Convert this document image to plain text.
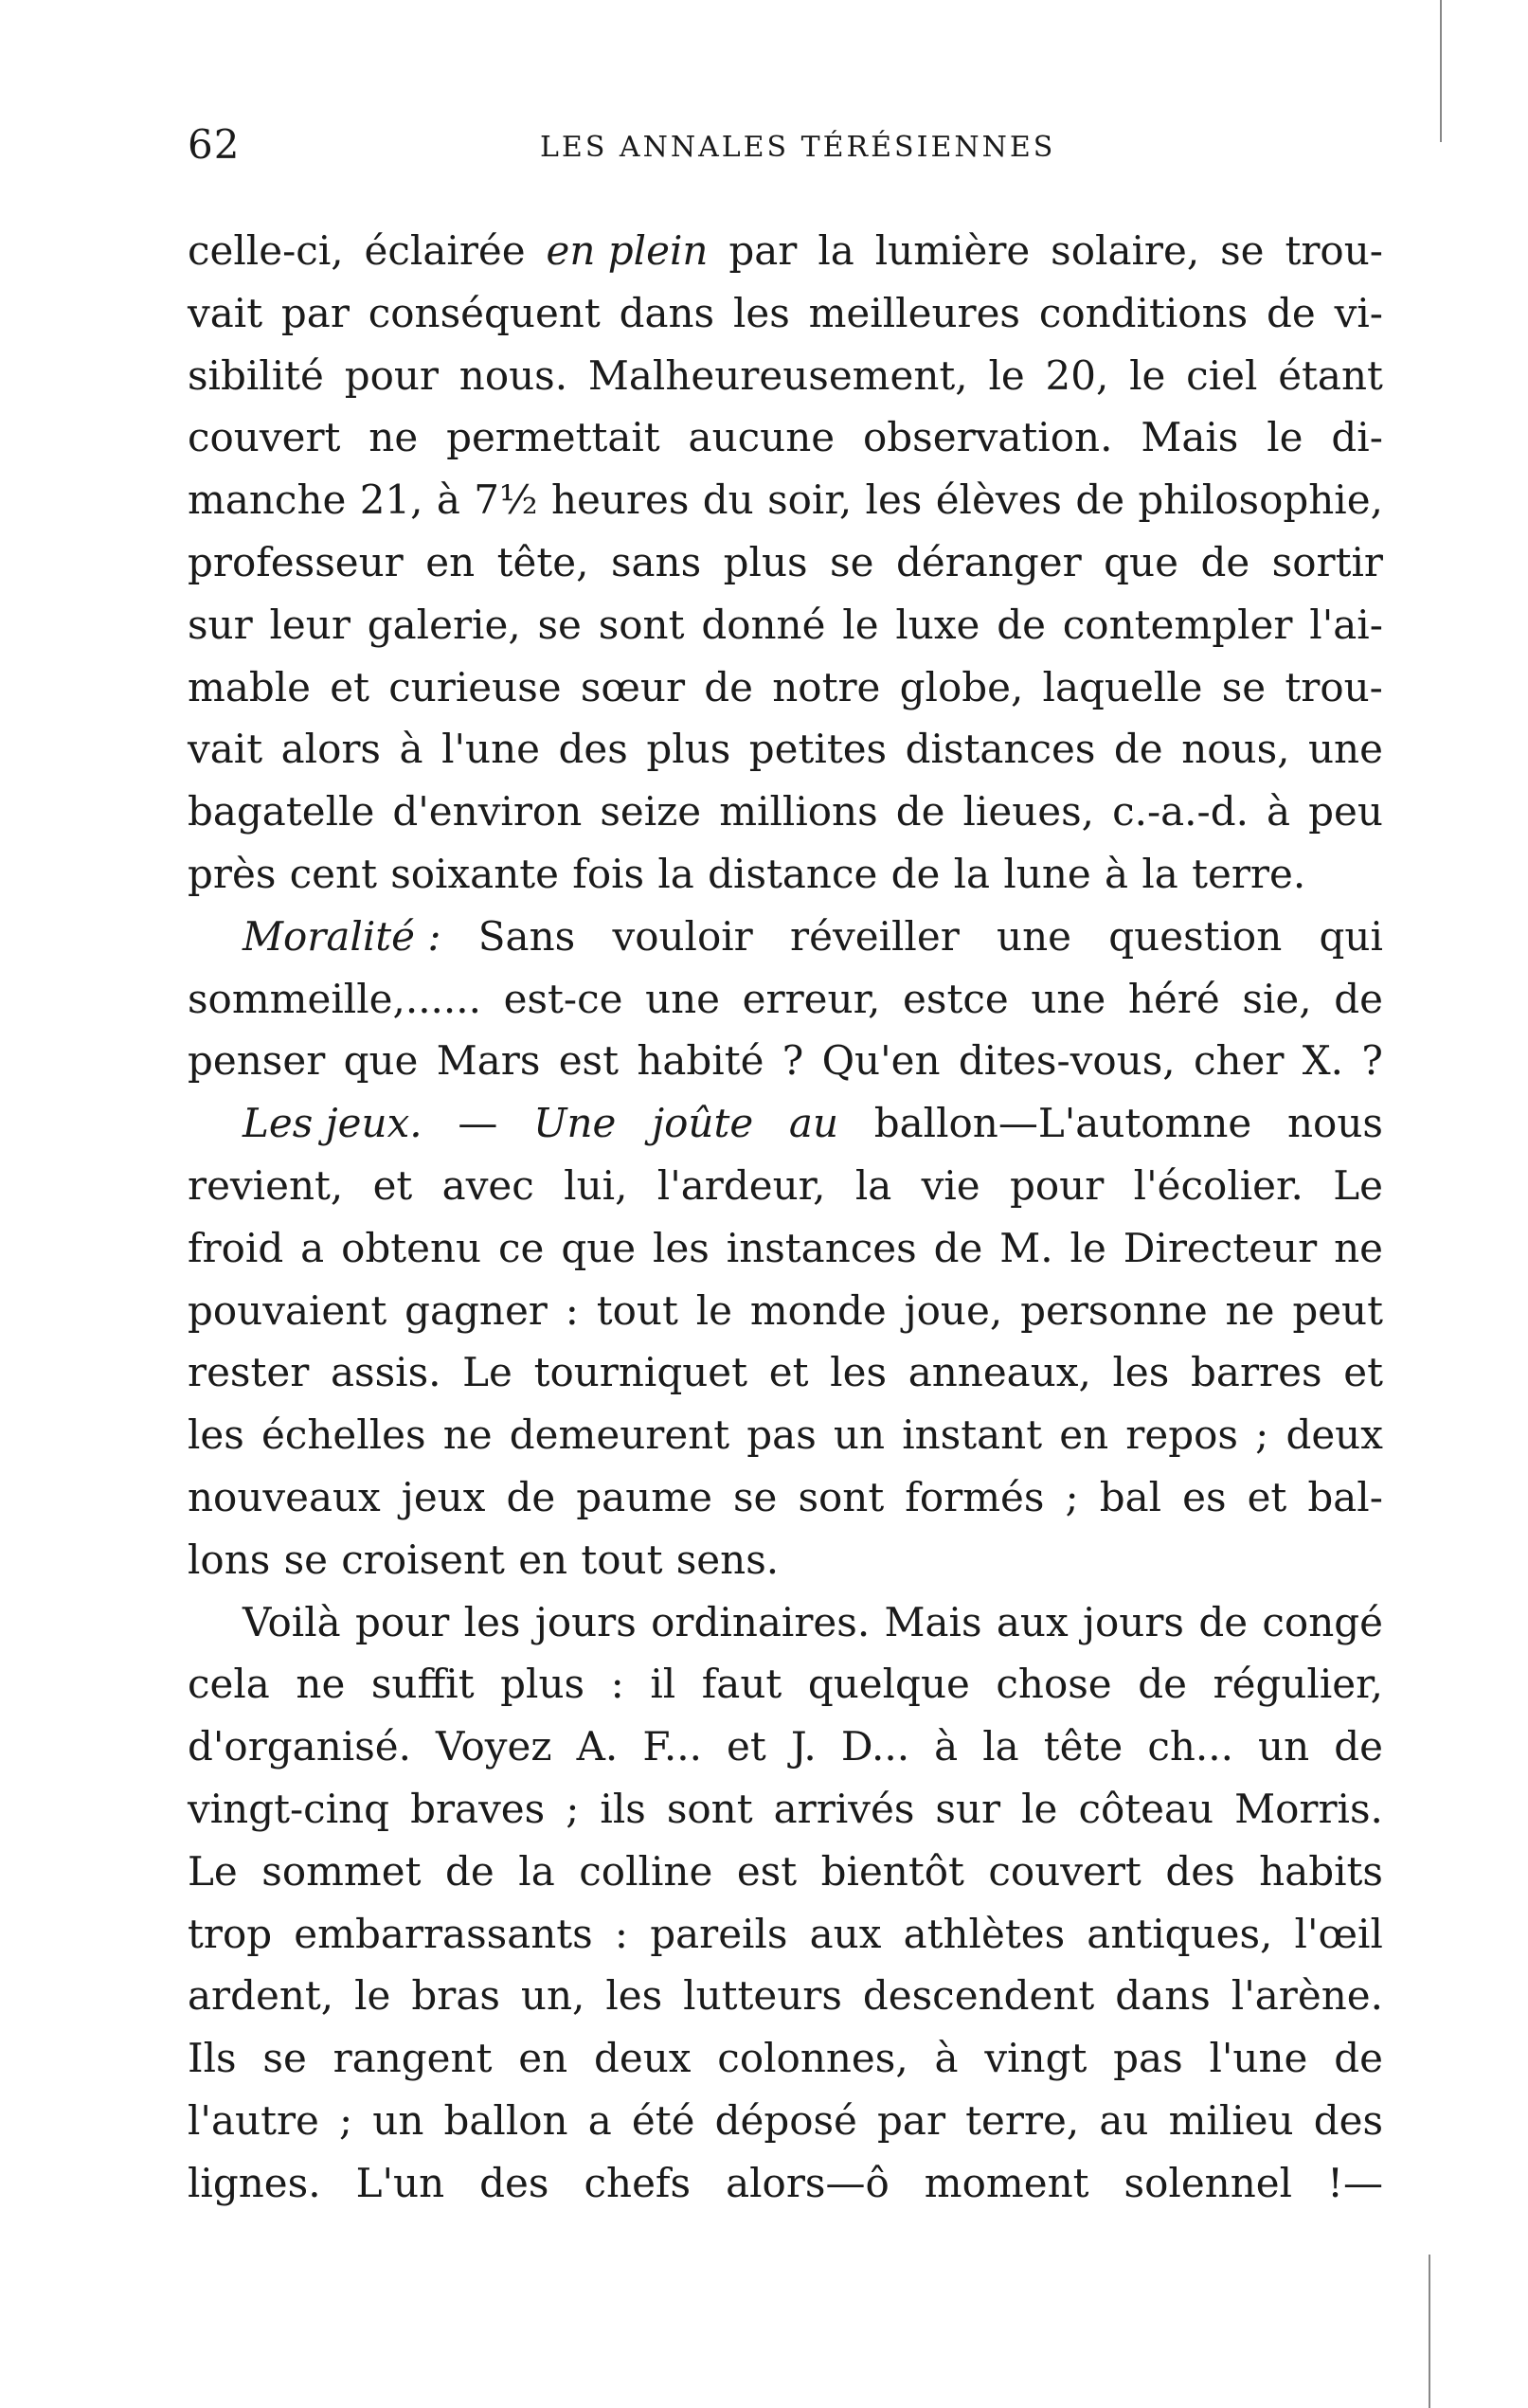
62	LES ANNALES TÉRÉSIENNES
celle-ci, éclairée en plein par la lumière solaire, se trou-
vait par conséquent dans les meilleures conditions de vi-
sibilité pour nous. Malheureusement, le 20, le ciel étant
couvert ne permettait aucune observation. Mais le di-
manche 21, à 7½ heures du soir, les élèves de philosophie,
professeur en tête, sans plus se déranger que de sortir
sur leur galerie, se sont donné le luxe de contempler l'ai-
mable et curieuse sœur de notre globe, laquelle se trou-
vait alors à l'une des plus petites distances de nous, une
bagatelle d'environ seize millions de lieues, c.-a.-d. à peu
près cent soixante fois la distance de la lune à la terre.
Moralité : Sans vouloir réveiller une question qui
sommeille,...... est-ce une erreur, estce une héré sie, de
penser que Mars est habité ? Qu'en dites-vous, cher X. ?
Les jeux. — Une joûte au ballon—L'automne nous
revient, et avec lui, l'ardeur, la vie pour l'écolier. Le
froid a obtenu ce que les instances de M. le Directeur ne
pouvaient gagner : tout le monde joue, personne ne peut
rester assis. Le tourniquet et les anneaux, les barres et
les échelles ne demeurent pas un instant en repos ; deux
nouveaux jeux de paume se sont formés ; bal es et bal-
lons se croisent en tout sens.
Voilà pour les jours ordinaires. Mais aux jours de congé
cela ne suffit plus : il faut quelque chose de régulier,
d'organisé. Voyez A. F... et J. D... à la tête ch... un de
vingt-cinq braves ; ils sont arrivés sur le côteau Morris.
Le sommet de la colline est bientôt couvert des habits
trop embarrassants : pareils aux athlètes antiques, l'œil
ardent, le bras un, les lutteurs descendent dans l'arène.
Ils se rangent en deux colonnes, à vingt pas l'une de
l'autre ; un ballon a été déposé par terre, au milieu des
lignes. L'un des chefs alors—ô moment solennel !—
